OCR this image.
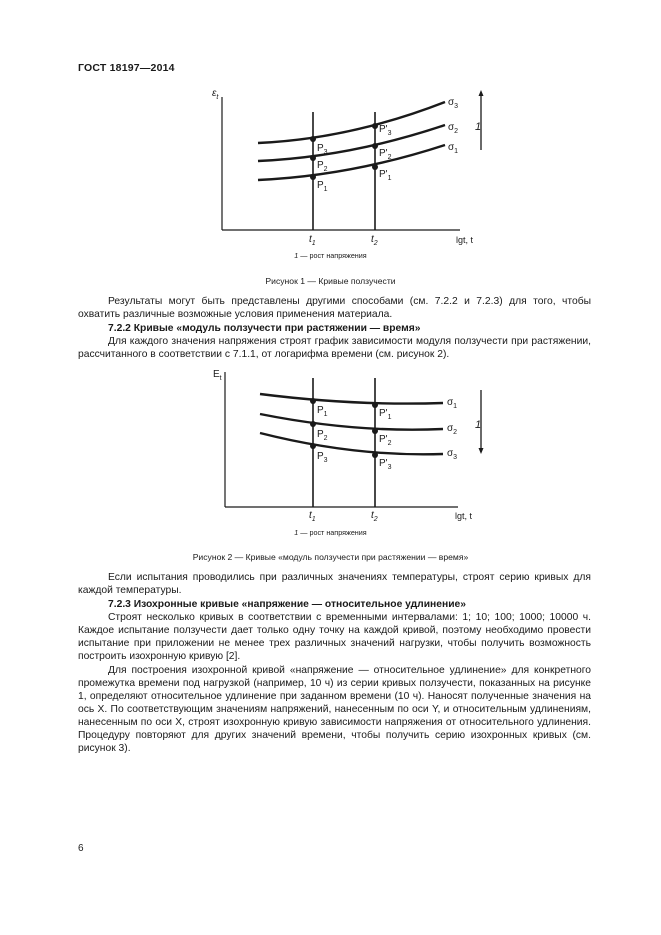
ГОСТ 18197—2014
$\varepsilon_t$
lgt, t
$t_1$	$t_2$
1
$\sigma_1$
$\sigma_2$
$\sigma_3$
$P_1$
$P_2$
$P_3$
$P'_1$
$P'_2$
$P'_3$
1 — рост напряжения
Рисунок 1 — Кривые ползучести
Результаты могут быть представлены другими способами (см. 7.2.2 и 7.2.3) для того, чтобы охватить различные возможные условия применения материала.
7.2.2 Кривые «модуль ползучести при растяжении — время»
Для каждого значения напряжения строят график зависимости модуля ползучести при растяжении, рассчитанного в соответствии с 7.1.1, от логарифма времени (см. рисунок 2).
$E_t$
lgt, t
$t_1$	$t_2$
1
$\sigma_1$
$\sigma_2$
$\sigma_3$
$P_1$
$P_2$
$P_3$
$P'_1$
$P'_2$
$P'_3$
1 — рост напряжения
Рисунок 2 — Кривые «модуль ползучести при растяжении — время»
Если испытания проводились при различных значениях температуры, строят серию кривых для каждой температуры.
7.2.3 Изохронные кривые «напряжение — относительное удлинение»
Строят несколько кривых в соответствии с временными интервалами: 1; 10; 100; 1000; 10000 ч. Каждое испытание ползучести дает только одну точку на каждой кривой, поэтому необходимо провести испытание при приложении не менее трех различных значений нагрузки, чтобы получить возможность построить изохронную кривую [2].
Для построения изохронной кривой «напряжение — относительное удлинение» для конкретного промежутка времени под нагрузкой (например, 10 ч) из серии кривых ползучести, показанных на рисунке 1, определяют относительное удлинение при заданном времени (10 ч). Наносят полученные значения на ось X. По соответствующим значениям напряжений, нанесенным по оси Y, и относительным удлинениям, нанесенным по оси X, строят изохронную кривую зависимости напряжения от относительного удлинения. Процедуру повторяют для других значений времени, чтобы получить серию изохронных кривых (см. рисунок 3).
6
